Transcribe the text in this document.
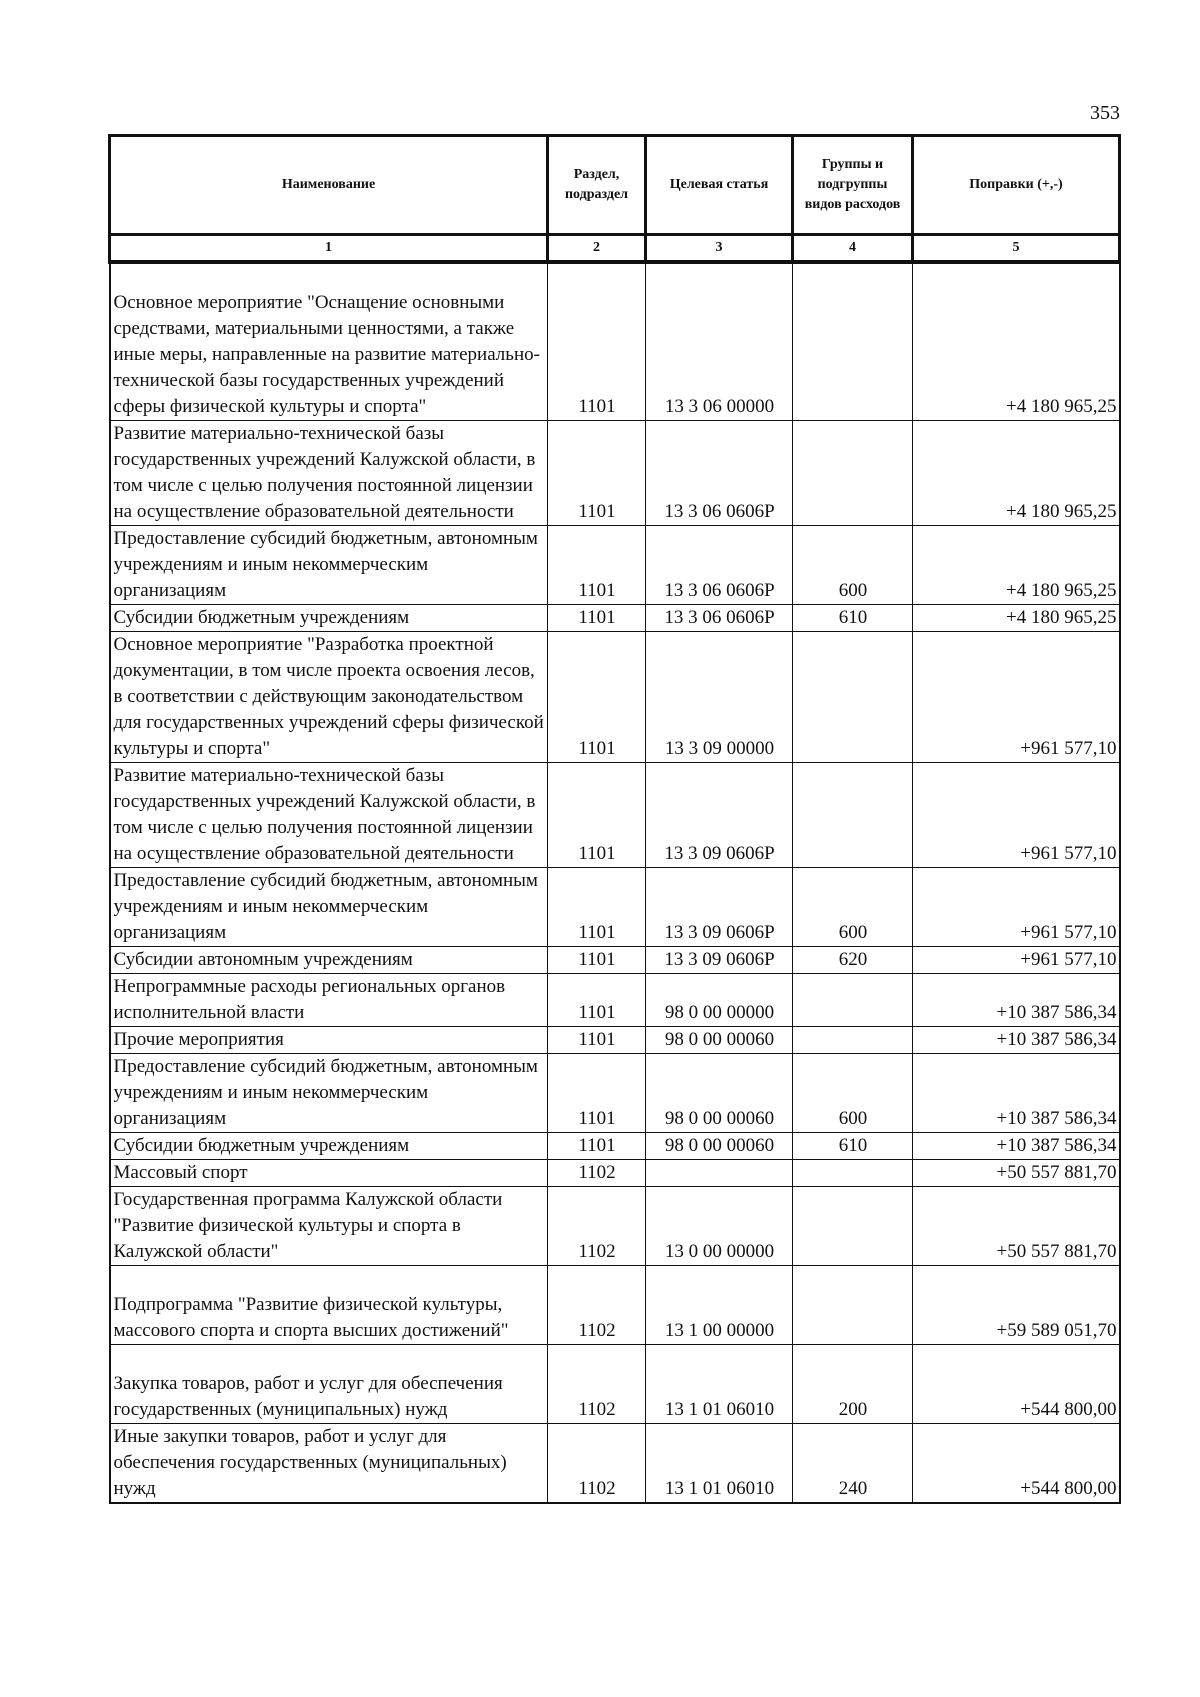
353
Наименование	Раздел, подраздел	Целевая статья	Группы и подгруппы видов расходов	Поправки (+,-)
1	2	3	4	5

Основное мероприятие "Оснащение основными средствами, материальными ценностями, а также иные меры, направленные на развитие материально-технической базы государственных учреждений сферы физической культуры и спорта"	1101	13 3 06 00000		+4 180 965,25
Развитие материально-технической базы государственных учреждений Калужской области, в том числе с целью получения постоянной лицензии на осуществление образовательной деятельности	1101	13 3 06 0606Р		+4 180 965,25
Предоставление субсидий бюджетным, автономным учреждениям и иным некоммерческим организациям	1101	13 3 06 0606Р	600	+4 180 965,25
Субсидии бюджетным учреждениям	1101	13 3 06 0606Р	610	+4 180 965,25
Основное мероприятие "Разработка проектной документации, в том числе проекта освоения лесов, в соответствии с действующим законодательством для государственных учреждений сферы физической культуры и спорта"	1101	13 3 09 00000		+961 577,10
Развитие материально-технической базы государственных учреждений Калужской области, в том числе с целью получения постоянной лицензии на осуществление образовательной деятельности	1101	13 3 09 0606Р		+961 577,10
Предоставление субсидий бюджетным, автономным учреждениям и иным некоммерческим организациям	1101	13 3 09 0606Р	600	+961 577,10
Субсидии автономным учреждениям	1101	13 3 09 0606Р	620	+961 577,10
Непрограммные расходы региональных органов исполнительной власти	1101	98 0 00 00000		+10 387 586,34
Прочие мероприятия	1101	98 0 00 00060		+10 387 586,34
Предоставление субсидий бюджетным, автономным учреждениям и иным некоммерческим организациям	1101	98 0 00 00060	600	+10 387 586,34
Субсидии бюджетным учреждениям	1101	98 0 00 00060	610	+10 387 586,34
Массовый спорт	1102			+50 557 881,70
Государственная программа Калужской области "Развитие физической культуры и спорта в Калужской области"	1102	13 0 00 00000		+50 557 881,70

Подпрограмма "Развитие физической культуры, массового спорта и спорта высших достижений"	1102	13 1 00 00000		+59 589 051,70

Закупка товаров, работ и услуг для обеспечения государственных (муниципальных) нужд	1102	13 1 01 06010	200	+544 800,00
Иные закупки товаров, работ и услуг для обеспечения государственных (муниципальных) нужд	1102	13 1 01 06010	240	+544 800,00
